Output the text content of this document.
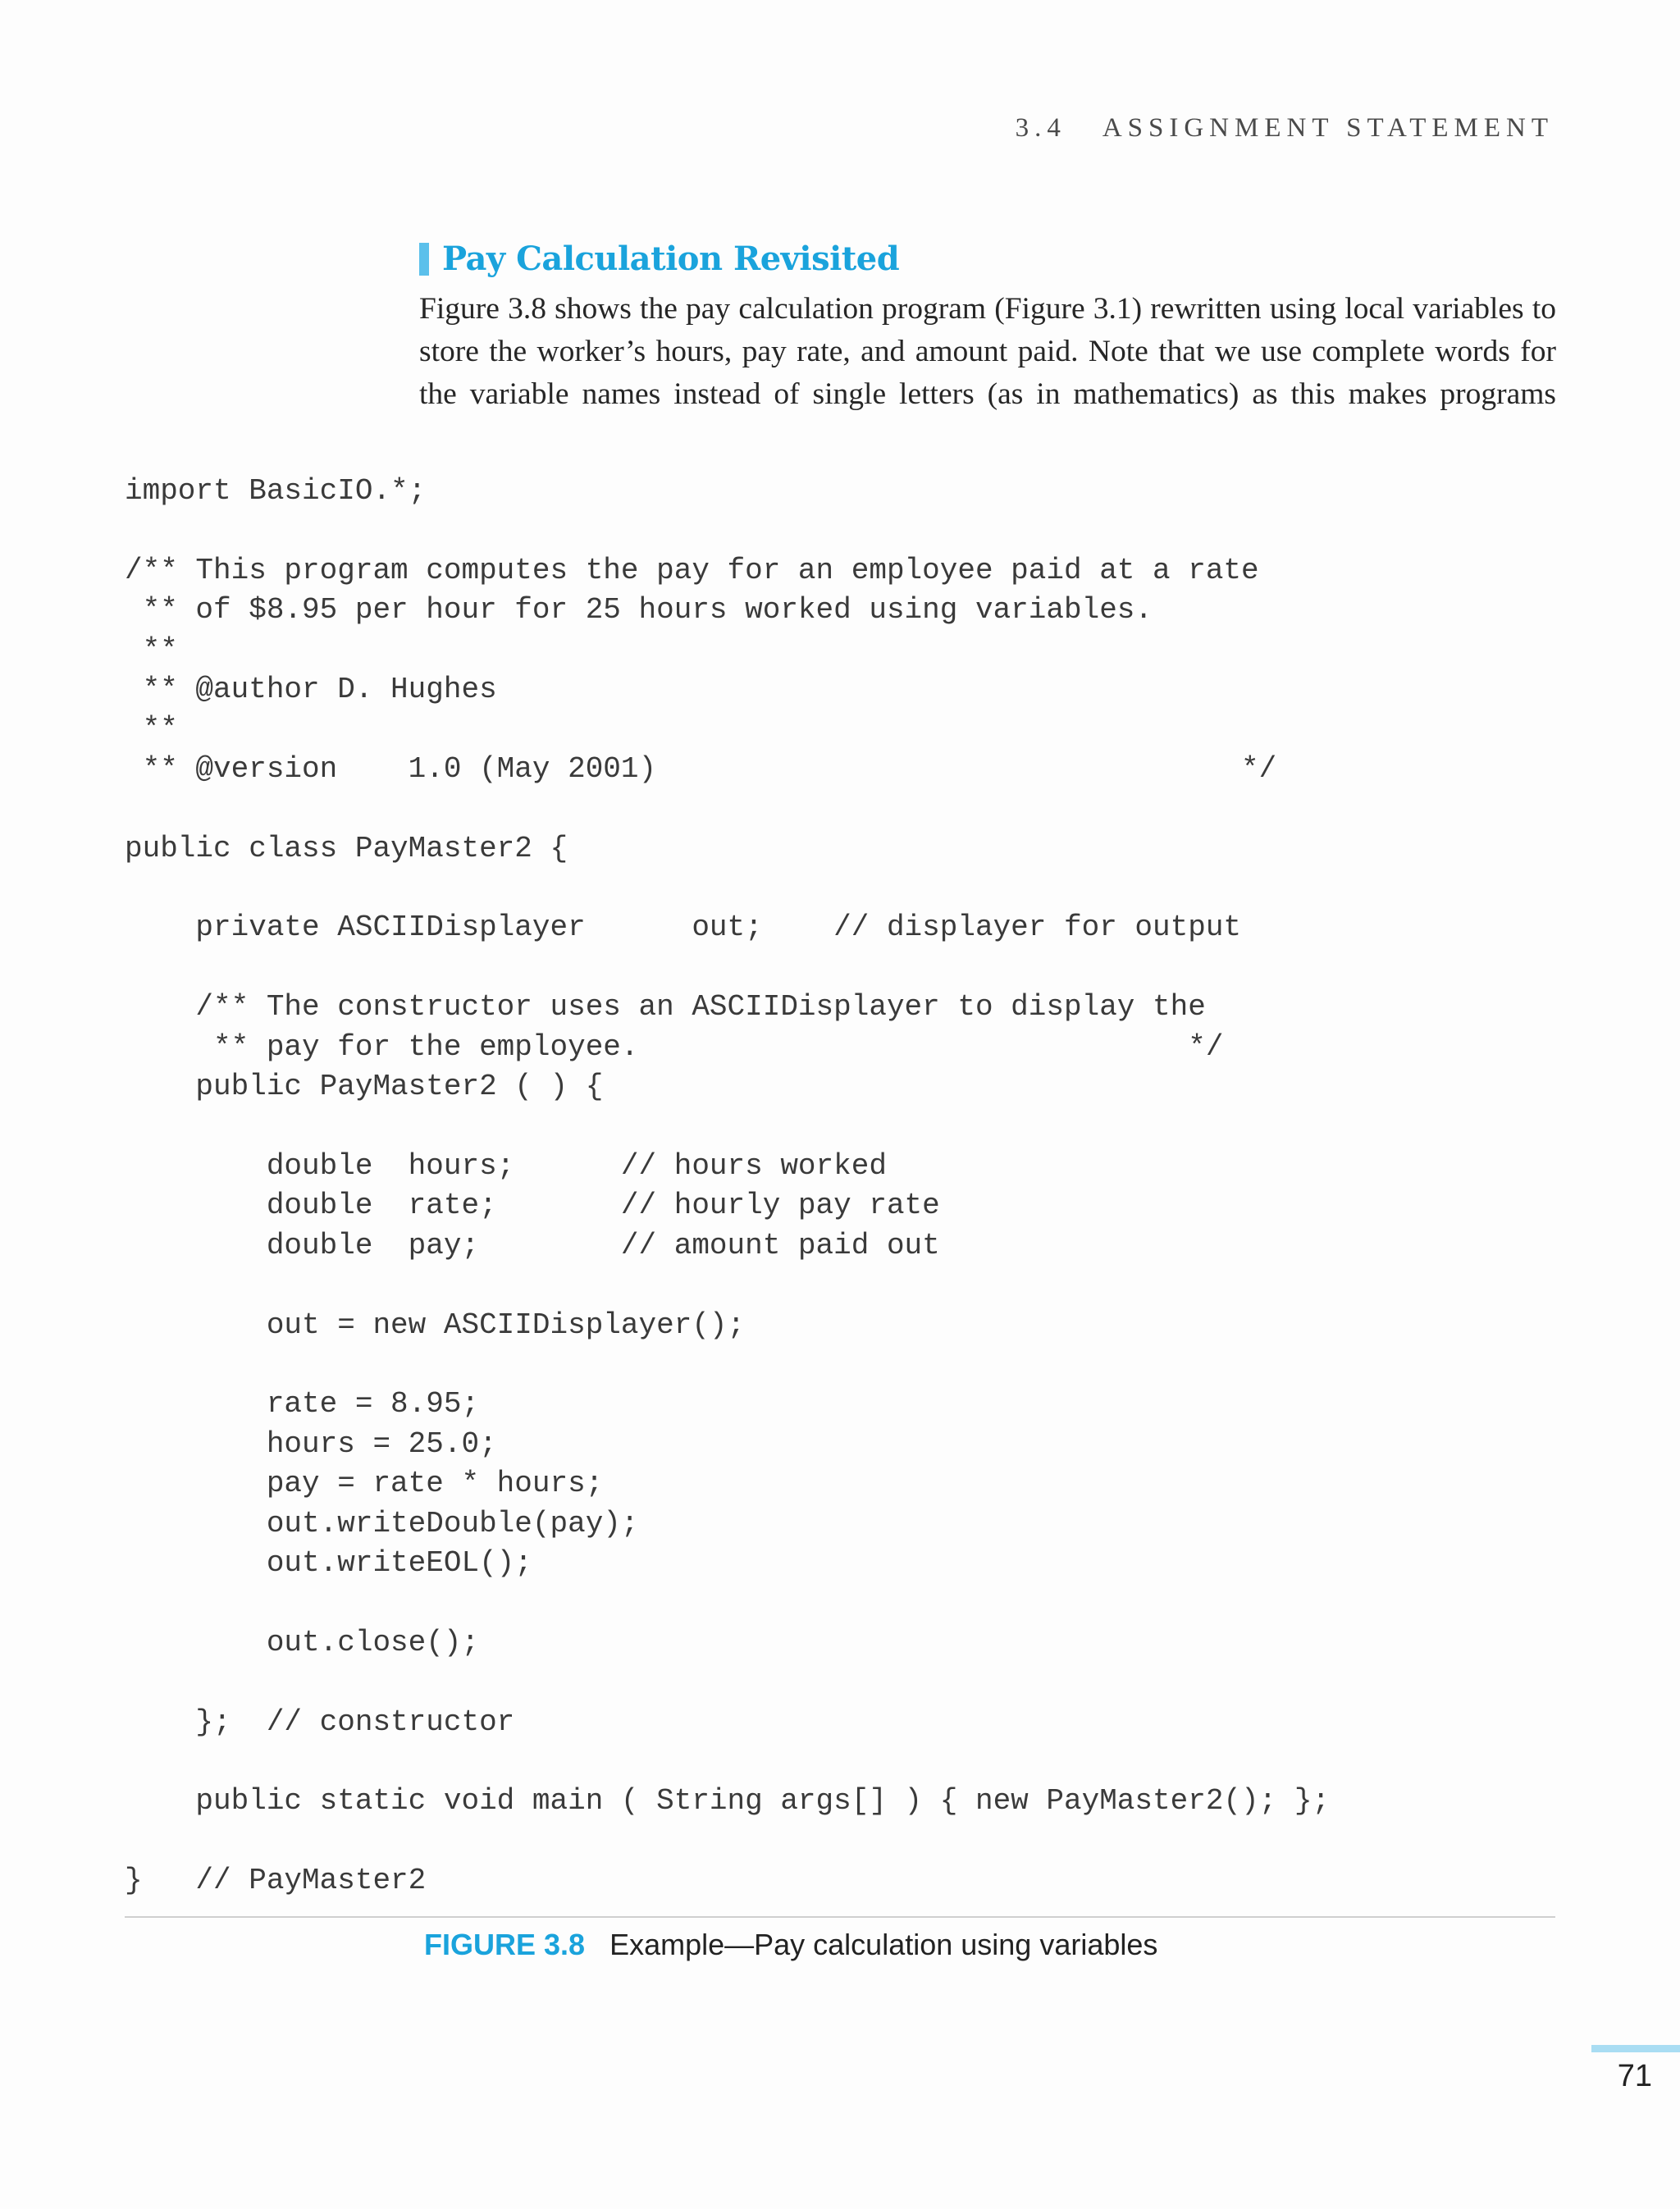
3.4 ASSIGNMENT STATEMENT
Pay Calculation Revisited

Figure 3.8 shows the pay calculation program (Figure 3.1) rewritten using local variables to store the worker’s hours, pay rate, and amount paid. Note that we use complete words for the variable names instead of single letters (as in mathematics) as this makes programs

import BasicIO.*;

/** This program computes the pay for an employee paid at a rate
** of $8.95 per hour for 25 hours worked using variables.
**
** @author D. Hughes
**
** @version    1.0 (May 2001)                                 */

public class PayMaster2 {

private ASCIIDisplayer      out;    // displayer for output

/** The constructor uses an ASCIIDisplayer to display the
** pay for the employee.                               */
public PayMaster2 ( ) {

double  hours;      // hours worked
double  rate;       // hourly pay rate
double  pay;        // amount paid out

out = new ASCIIDisplayer();

rate = 8.95;
hours = 25.0;
pay = rate * hours;
out.writeDouble(pay);
out.writeEOL();

out.close();

};  // constructor

public static void main ( String args[] ) { new PayMaster2(); };

}   // PayMaster2
FIGURE 3.8 Example—Pay calculation using variables
71
